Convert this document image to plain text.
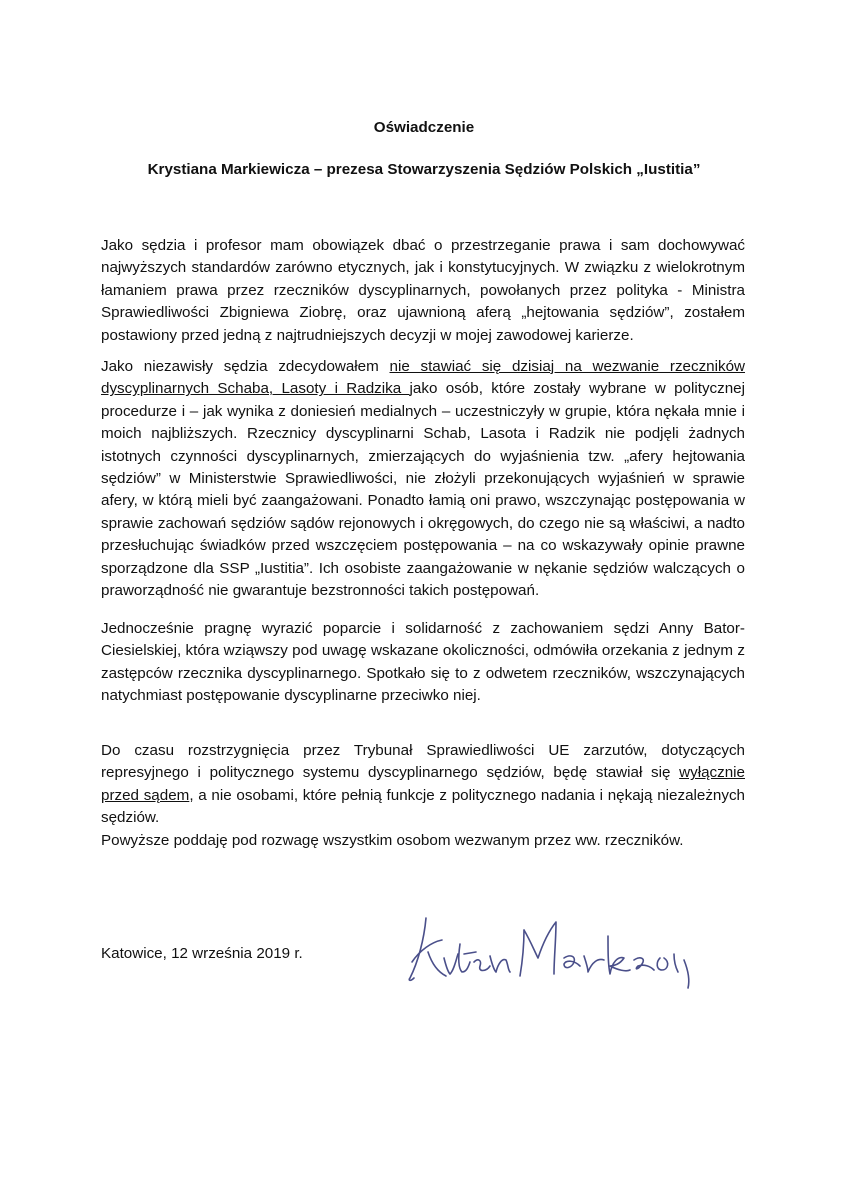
Oświadczenie
Krystiana Markiewicza – prezesa Stowarzyszenia Sędziów Polskich „Iustitia”

Jako sędzia i profesor mam obowiązek dbać o przestrzeganie prawa i sam dochowywać najwyższych standardów zarówno etycznych, jak i konstytucyjnych. W związku z wielokrotnym łamaniem prawa przez rzeczników dyscyplinarnych, powołanych przez polityka - Ministra Sprawiedliwości Zbigniewa Ziobrę, oraz ujawnioną aferą „hejtowania sędziów”, zostałem postawiony przed jedną z najtrudniejszych decyzji w mojej zawodowej karierze.

Jako niezawisły sędzia zdecydowałem nie stawiać się dzisiaj na wezwanie rzeczników dyscyplinarnych Schaba, Lasoty i Radzika jako osób, które zostały wybrane w politycznej procedurze i – jak wynika z doniesień medialnych – uczestniczyły w grupie, która nękała mnie i moich najbliższych. Rzecznicy dyscyplinarni Schab, Lasota i Radzik nie podjęli żadnych istotnych czynności dyscyplinarnych, zmierzających do wyjaśnienia tzw. „afery hejtowania sędziów” w Ministerstwie Sprawiedliwości, nie złożyli przekonujących wyjaśnień w sprawie afery, w którą mieli być zaangażowani. Ponadto łamią oni prawo, wszczynając postępowania w sprawie zachowań sędziów sądów rejonowych i okręgowych, do czego nie są właściwi, a nadto przesłuchując świadków przed wszczęciem postępowania – na co wskazywały opinie prawne sporządzone dla SSP „Iustitia”. Ich osobiste zaangażowanie w nękanie sędziów walczących o praworządność nie gwarantuje bezstronności takich postępowań.

Jednocześnie pragnę wyrazić poparcie i solidarność z zachowaniem sędzi Anny Bator-Ciesielskiej, która wziąwszy pod uwagę wskazane okoliczności, odmówiła orzekania z jednym z zastępców rzecznika dyscyplinarnego. Spotkało się to z odwetem rzeczników, wszczynających natychmiast postępowanie dyscyplinarne przeciwko niej.

Do czasu rozstrzygnięcia przez Trybunał Sprawiedliwości UE zarzutów, dotyczących represyjnego i politycznego systemu dyscyplinarnego sędziów, będę stawiał się wyłącznie przed sądem, a nie osobami, które pełnią funkcje z politycznego nadania i nękają niezależnych sędziów.

Powyższe poddaję pod rozwagę wszystkim osobom wezwanym przez ww. rzeczników.

Katowice, 12 września 2019 r.
